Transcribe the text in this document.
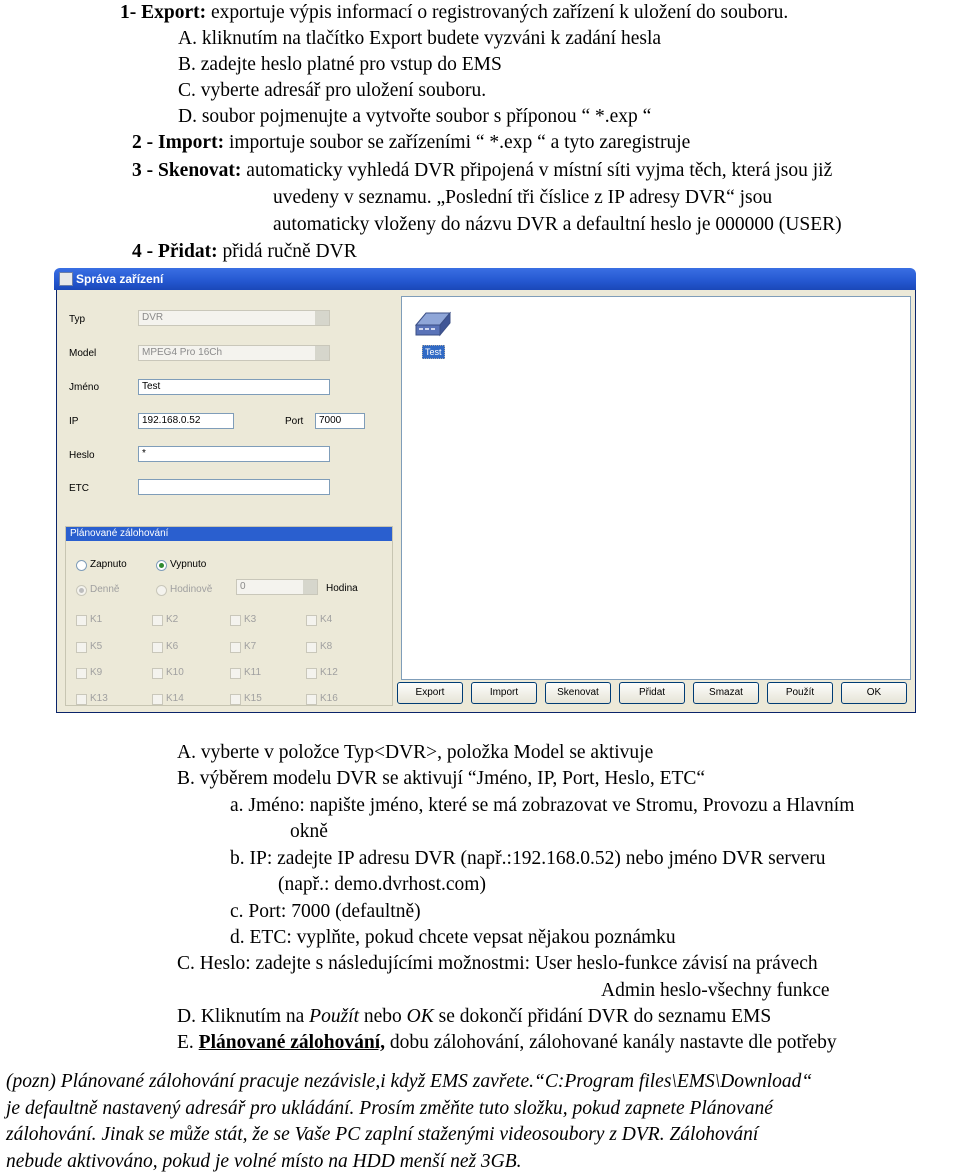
1- Export: exportuje výpis informací o registrovaných zařízení k uložení do souboru.
A. kliknutím na tlačítko Export budete vyzváni k zadání hesla
B. zadejte heslo platné pro vstup do EMS
C. vyberte adresář pro uložení souboru.
D. soubor pojmenujte a vytvořte soubor s příponou “ *.exp “
2 - Import: importuje soubor se zařízeními “ *.exp “ a tyto zaregistruje
3 - Skenovat: automaticky vyhledá DVR připojená v místní síti vyjma těch, která jsou již
uvedeny v seznamu. „Poslední tři číslice z IP adresy DVR“ jsou
automaticky vloženy do názvu DVR a defaultní heslo je 000000 (USER)
4 - Přidat: přidá ručně DVR
Správa zařízení
Typ	DVR
Model	MPEG4 Pro 16Ch
Jméno	Test
IP	192.168.0.52	Port	7000
Heslo	*
ETC
Plánované zálohování
Zapnuto	Vypnuto
Denně	Hodinově	0	Hodina
K1	K2	K3	K4
K5	K6	K7	K8
K9	K10	K11	K12
K13	K14	K15	K16
Test
Export	Import	Skenovat	Přidat	Smazat	Použít	OK
A. vyberte v položce Typ<DVR>, položka Model se aktivuje
B. výběrem modelu DVR se aktivují “Jméno, IP, Port, Heslo, ETC“
a. Jméno: napište jméno, které se má zobrazovat ve Stromu, Provozu a Hlavním
okně
b. IP: zadejte IP adresu DVR (např.:192.168.0.52) nebo jméno DVR serveru
(např.: demo.dvrhost.com)
c. Port: 7000 (defaultně)
d. ETC: vyplňte, pokud chcete vepsat nějakou poznámku
C. Heslo: zadejte s následujícími možnostmi: User heslo-funkce závisí na právech
Admin heslo-všechny funkce
D. Kliknutím na Použít nebo OK se dokončí přidání DVR do seznamu EMS
E. Plánované zálohování, dobu zálohování, zálohované kanály nastavte dle potřeby
(pozn) Plánované zálohování pracuje nezávisle,i když EMS zavřete.“C:Program files\EMS\Download“
je defaultně nastavený adresář pro ukládání. Prosím změňte tuto složku, pokud zapnete Plánované
zálohování. Jinak se může stát, že se Vaše PC zaplní staženými videosoubory z DVR. Zálohování
nebude aktivováno, pokud je volné místo na HDD menší než 3GB.
